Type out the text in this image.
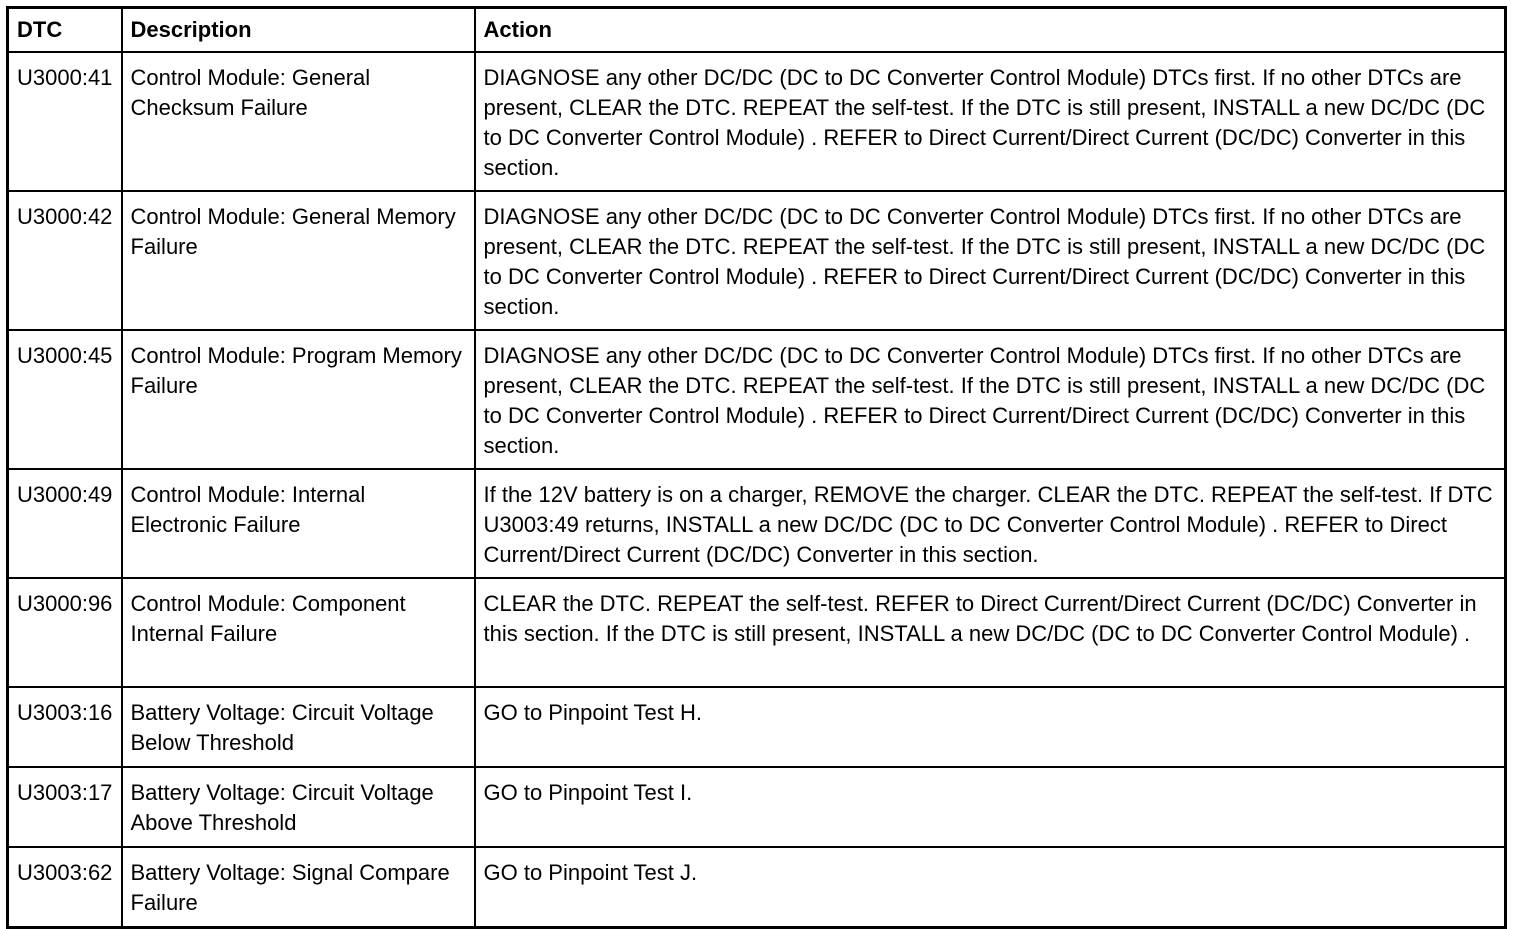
DTC	Description	Action
U3000:41	Control Module: General Checksum Failure	DIAGNOSE any other DC/DC (DC to DC Converter Control Module) DTCs first. If no other DTCs are present, CLEAR the DTC. REPEAT the self-test. If the DTC is still present, INSTALL a new DC/DC (DC to DC Converter Control Module) . REFER to Direct Current/Direct Current (DC/DC) Converter in this section.
U3000:42	Control Module: General Memory Failure	DIAGNOSE any other DC/DC (DC to DC Converter Control Module) DTCs first. If no other DTCs are present, CLEAR the DTC. REPEAT the self-test. If the DTC is still present, INSTALL a new DC/DC (DC to DC Converter Control Module) . REFER to Direct Current/Direct Current (DC/DC) Converter in this section.
U3000:45	Control Module: Program Memory Failure	DIAGNOSE any other DC/DC (DC to DC Converter Control Module) DTCs first. If no other DTCs are present, CLEAR the DTC. REPEAT the self-test. If the DTC is still present, INSTALL a new DC/DC (DC to DC Converter Control Module) . REFER to Direct Current/Direct Current (DC/DC) Converter in this section.
U3000:49	Control Module: Internal Electronic Failure	If the 12V battery is on a charger, REMOVE the charger. CLEAR the DTC. REPEAT the self-test. If DTC U3003:49 returns, INSTALL a new DC/DC (DC to DC Converter Control Module) . REFER to Direct Current/Direct Current (DC/DC) Converter in this section.
U3000:96	Control Module: Component Internal Failure	CLEAR the DTC. REPEAT the self-test. REFER to Direct Current/Direct Current (DC/DC) Converter in this section. If the DTC is still present, INSTALL a new DC/DC (DC to DC Converter Control Module) .
U3003:16	Battery Voltage: Circuit Voltage Below Threshold	GO to Pinpoint Test H.
U3003:17	Battery Voltage: Circuit Voltage Above Threshold	GO to Pinpoint Test I.
U3003:62	Battery Voltage: Signal Compare Failure	GO to Pinpoint Test J.
